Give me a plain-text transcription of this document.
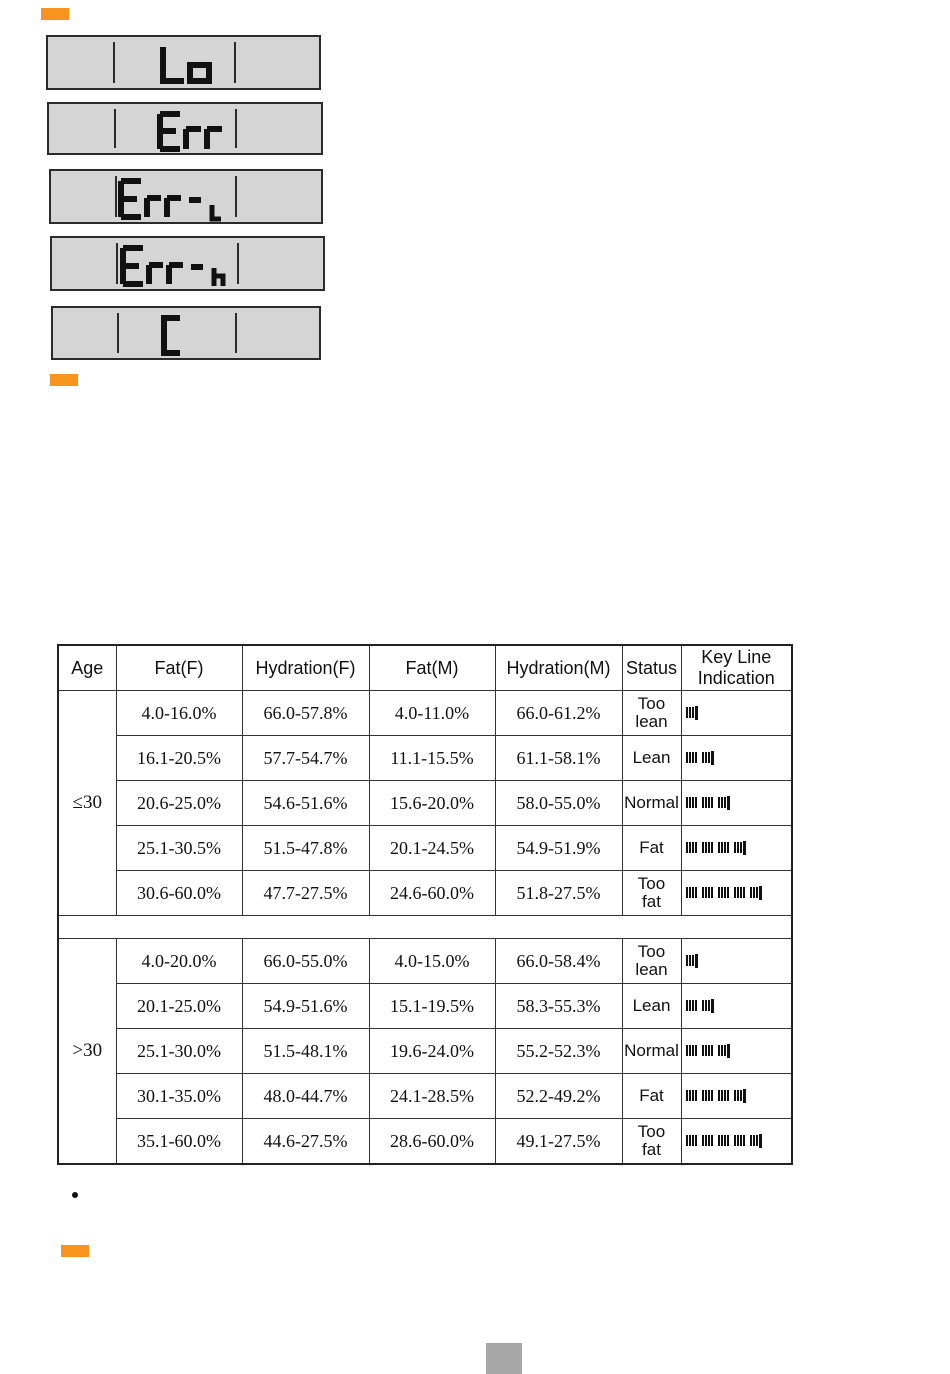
Age	Fat(F)	Hydration(F)	Fat(M)	Hydration(M)	Status	Key Line
Indication
≤30	4.0-16.0%	66.0-57.8%	4.0-11.0%	66.0-61.2%	Too
lean	
	16.1-20.5%	57.7-54.7%	11.1-15.5%	61.1-58.1%	Lean	
	20.6-25.0%	54.6-51.6%	15.6-20.0%	58.0-55.0%	Normal	
	25.1-30.5%	51.5-47.8%	20.1-24.5%	54.9-51.9%	Fat	
	30.6-60.0%	47.7-27.5%	24.6-60.0%	51.8-27.5%	Too
fat	

>30	4.0-20.0%	66.0-55.0%	4.0-15.0%	66.0-58.4%	Too
lean	
	20.1-25.0%	54.9-51.6%	15.1-19.5%	58.3-55.3%	Lean	
	25.1-30.0%	51.5-48.1%	19.6-24.0%	55.2-52.3%	Normal	
	30.1-35.0%	48.0-44.7%	24.1-28.5%	52.2-49.2%	Fat	
	35.1-60.0%	44.6-27.5%	28.6-60.0%	49.1-27.5%	Too
fat	
